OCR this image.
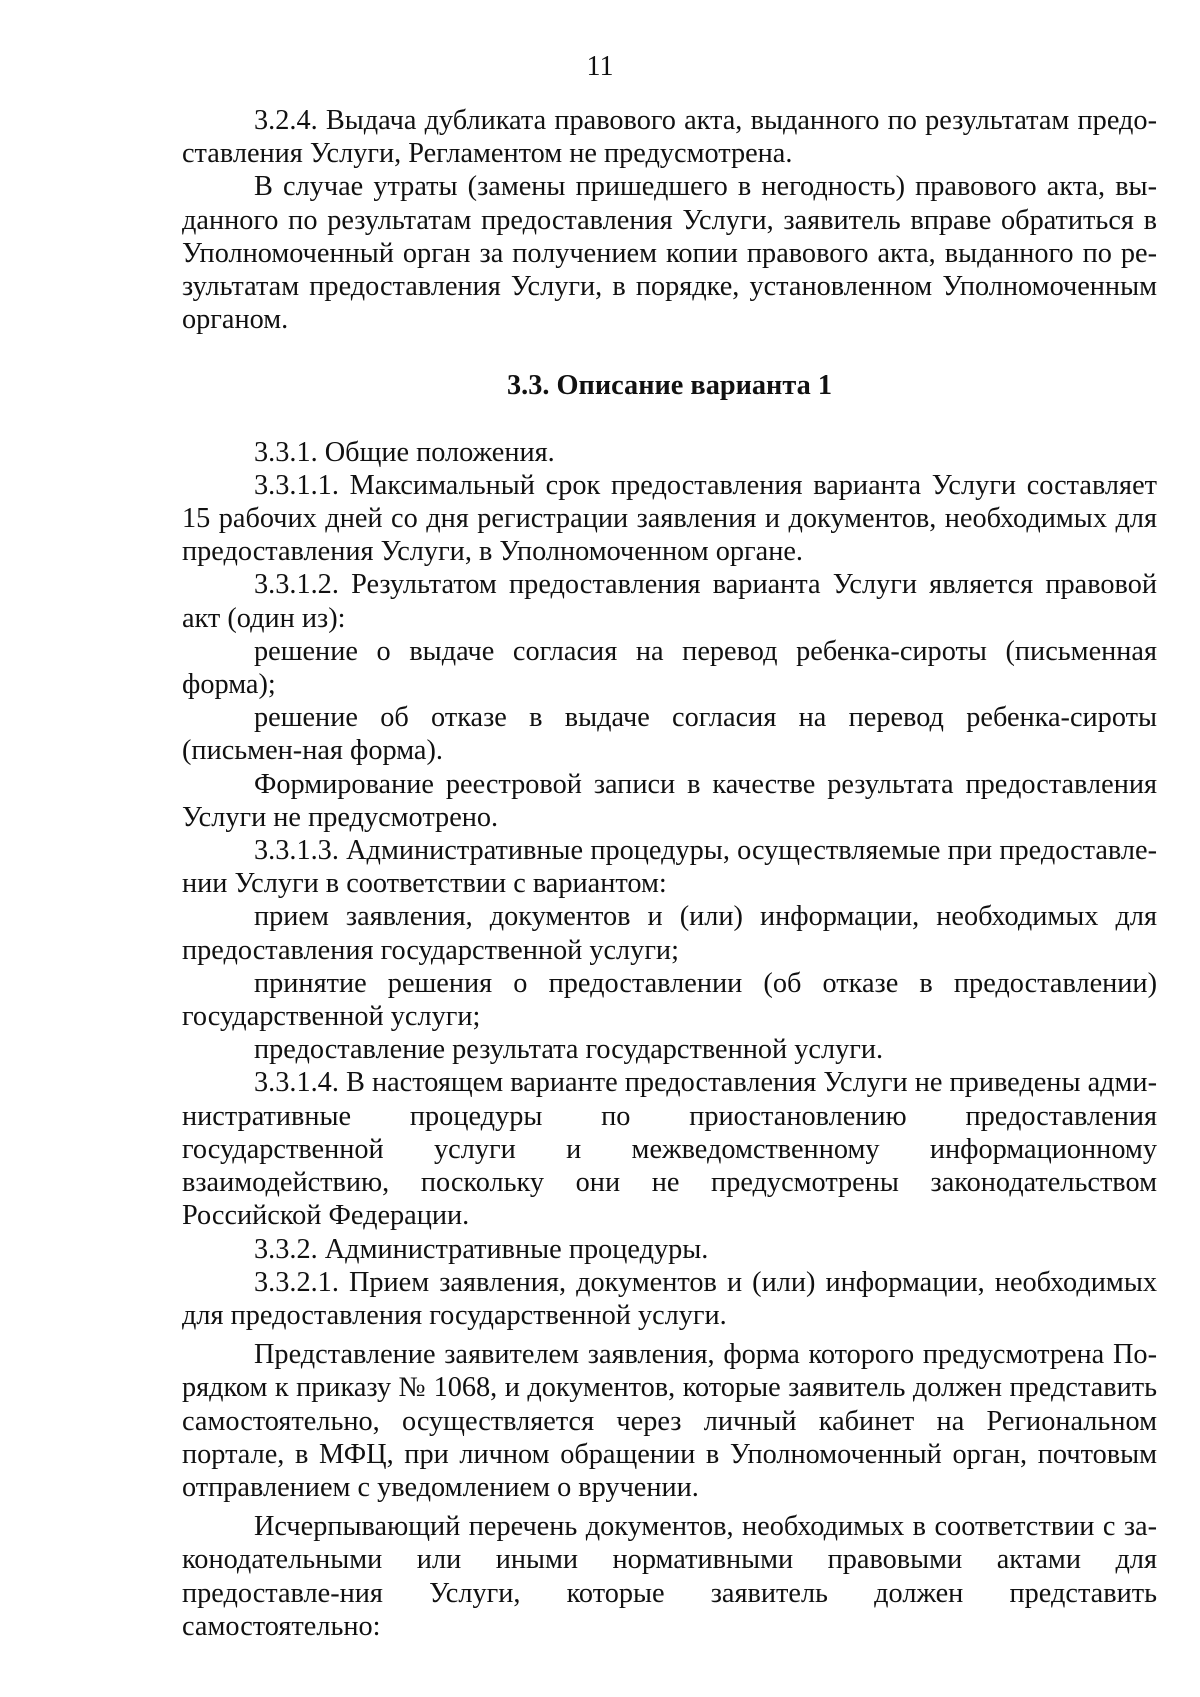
11

3.2.4. Выдача дубликата правового акта, выданного по результатам предо-ставления Услуги, Регламентом не предусмотрена.

В случае утраты (замены пришедшего в негодность) правового акта, вы-данного по результатам предоставления Услуги, заявитель вправе обратиться в Уполномоченный орган за получением копии правового акта, выданного по ре-зультатам предоставления Услуги, в порядке, установленном Уполномоченным органом.

3.3. Описание варианта 1

3.3.1. Общие положения.

3.3.1.1. Максимальный срок предоставления варианта Услуги составляет 15 рабочих дней со дня регистрации заявления и документов, необходимых для предоставления Услуги, в Уполномоченном органе.

3.3.1.2. Результатом предоставления варианта Услуги является правовой акт (один из):

решение о выдаче согласия на перевод ребенка-сироты (письменная форма);

решение об отказе в выдаче согласия на перевод ребенка-сироты (письмен-ная форма).

Формирование реестровой записи в качестве результата предоставления Услуги не предусмотрено.

3.3.1.3. Административные процедуры, осуществляемые при предоставле-нии Услуги в соответствии с вариантом:

прием заявления, документов и (или) информации, необходимых для предоставления государственной услуги;

принятие решения о предоставлении (об отказе в предоставлении) государственной услуги;

предоставление результата государственной услуги.

3.3.1.4. В настоящем варианте предоставления Услуги не приведены адми-нистративные процедуры по приостановлению предоставления государственной услуги и межведомственному информационному взаимодействию, поскольку они не предусмотрены законодательством Российской Федерации.

3.3.2. Административные процедуры.

3.3.2.1. Прием заявления, документов и (или) информации, необходимых для предоставления государственной услуги.

Представление заявителем заявления, форма которого предусмотрена По-рядком к приказу № 1068, и документов, которые заявитель должен представить самостоятельно, осуществляется через личный кабинет на Региональном портале, в МФЦ, при личном обращении в Уполномоченный орган, почтовым отправлением с уведомлением о вручении.

Исчерпывающий перечень документов, необходимых в соответствии с за-конодательными или иными нормативными правовыми актами для предоставле-ния Услуги, которые заявитель должен представить самостоятельно:
